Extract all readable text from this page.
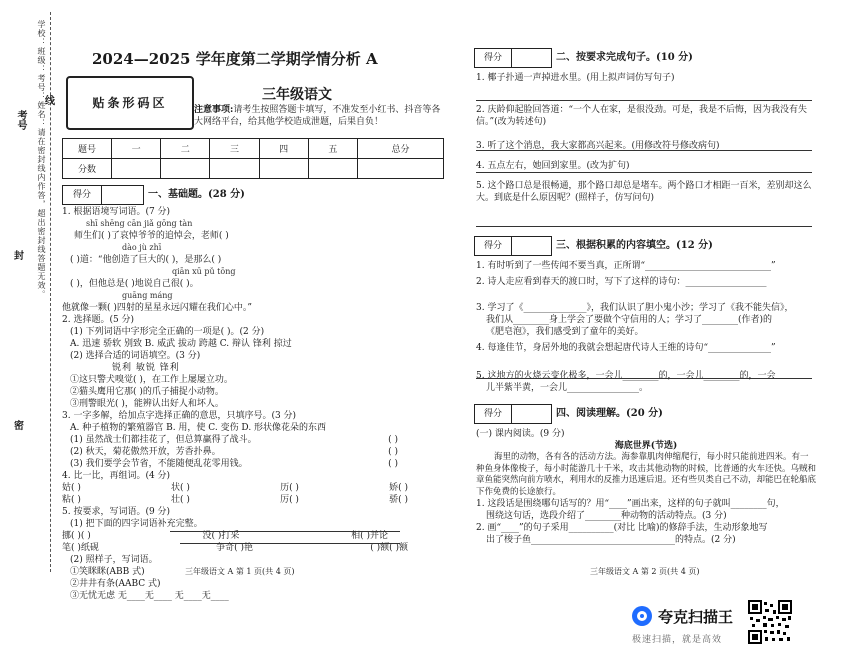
学校：班级：考号：姓名：请在密封线内作答，超出密封线答题无效。
考号
封
密
线
2024—2025 学年度第二学期学情分析 A
贴条形码区	三年级语文
注意事项:请考生按照答题卡填写，不准发至小红书、抖音等各大网络平台，给其他学校造成泄题，后果自负！
题号	一	二	三	四	五	总分
分数						
得分	一、基础题。(28 分)
1. 根据语境写词语。(7 分)
shī shēng cān jiǎ gōng tàn
师生们( )了哀悼爷爷的追悼会，老师( )
dào jù zhī
( )道：“他创造了巨大的( )，是那么( )
qiān xū pǔ tōng
( )，但他总是( )地说自己很( )。
guāng máng
他就像一颗( )四射的星星永远闪耀在我们心中。”
2. 选择题。(5 分)
(1) 下列词语中字形完全正确的一项是( )。(2 分)
A. 迅速 骄软 别致 B. 威武 拔动 跨越 C. 辩认 锋利 掠过
(2) 选择合适的词语填空。(3 分)
锐利 敏锐 锋利
①这只警犬嗅觉( )，在工作上屡屡立功。
②猫头鹰用它那( )的爪子捕捉小动物。
③刑警眼光( )，能辨认出好人和坏人。
3. 一字多解，给加点字选择正确的意思，只填序号。(3 分)
A. 种子植物的繁殖器官 B. 用，使 C. 变伤 D. 形状像花朵的东西
(1) 虽然战士们都挂花了，但总算赢得了战斗。	( )
(2) 秋天，菊花傲然开放，芳香扑鼻。	( )
(3) 我们要学会节省，不能随便乱花零用钱。	( )
4. 比一比，再组词。(4 分)
姑( )	状( )	历( )	娇( )
粘( )	壮( )	厉( )	骄( )
5. 按要求，写词语。(9 分)
(1) 把下面的四字词语补充完整。
挪( )( )	没( )打采	相( )并论
笔( )纸砚	争奇( )艳	( )额( )额
(2) 照样子，写词语。
①笑眯眯(ABB 式)
②井井有条(AABC 式)
③无忧无虑 无____无____ 无____无____
三年级语文 A 第 1 页(共 4 页)
得分	二、按要求完成句子。(10 分)
1. 椰子扑通一声掉进水里。(用上拟声词仿写句子)
2. 庆龄仰起脸回答道：“一个人在家，是很没劲。可是，我是不后悔，因为我没有失信。”(改为转述句)
3. 听了这个消息，我大家都高兴起来。(用修改符号修改病句)
4. 五点左右，她回到家里。(改为扩句)
5. 这个路口总是很畅通，那个路口却总是堵车。两个路口才相距一百米，差别却这么大。到底是什么原因呢？(照样子，仿写问句)
得分	三、根据积累的内容填空。(12 分)
1. 有时听到了一些传闻不要当真，正所谓“____________________________”
2. 诗人走应看到春天的渡口时，写下了这样的诗句：__________________
3. 学习了《______________》，我们认识了胆小鬼小沙；学习了《我不能失信》，
我们从________身上学会了要做个守信用的人；学习了________(作者)的
《肥皂泡》，我们感受到了童年的美好。
4. 每逢佳节，身居外地的我就会想起唐代诗人王维的诗句“______________”
5. 这地方的火烧云变化极多，一会儿________的，一会儿________的，一会
儿半紫半黄，一会儿________________。
得分	四、阅读理解。(20 分)
(一) 课内阅读。(9 分)
海底世界(节选)
海里的动物，各有各的活动方法。海参靠肌肉伸缩爬行，每小时只能前进四米。有一种鱼身体像梭子，每小时能游几十千米，攻击其他动物的时候，比普通的火车还快。乌贼和章鱼能突然向前方喷水，利用水的反推力迅速后退。还有些贝类自己不动，却能巴在轮船底下作免费的长途旅行。
1. 这段话是围绕哪句话写的？用“____”画出来，这样的句子就叫________句，
围绕这句话，选段介绍了________种动物的活动特点。(3 分)
2. 画“____”的句子采用__________(对比 比喻)的修辞手法，生动形象地写
出了梭子鱼________________________________的特点。(2 分)
三年级语文 A 第 2 页(共 4 页)
夸克扫描王
极速扫描，就是高效
